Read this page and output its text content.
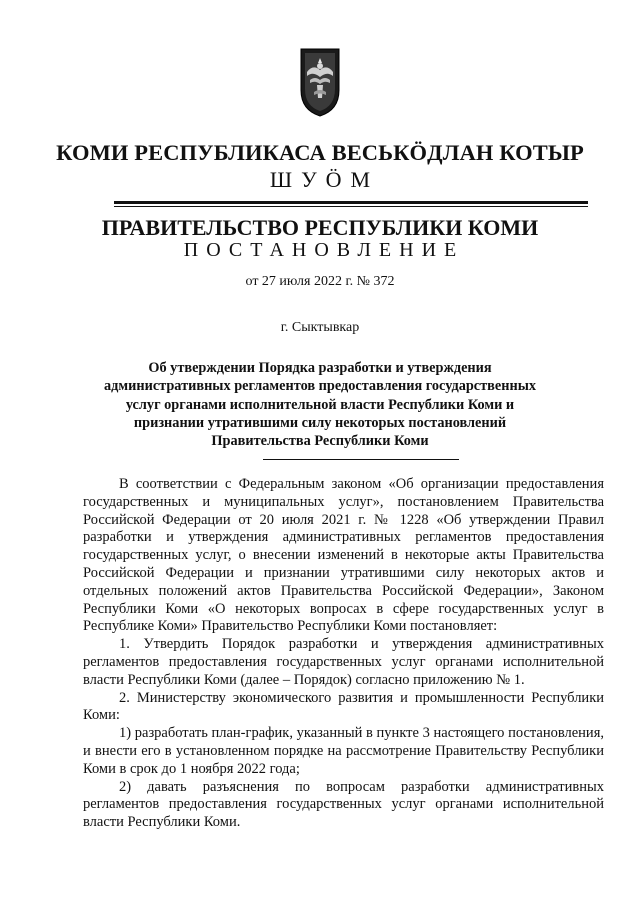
КОМИ РЕСПУБЛИКАСА ВЕСЬКӦДЛАН КОТЫР
ШУӦМ
ПРАВИТЕЛЬСТВО РЕСПУБЛИКИ КОМИ
ПОСТАНОВЛЕНИЕ
от 27 июля 2022 г. № 372
г. Сыктывкар
Об утверждении Порядка разработки и утверждения административных регламентов предоставления государственных услуг органами исполнительной власти Республики Коми и признании утратившими силу некоторых постановлений Правительства Республики Коми

В соответствии с Федеральным законом «Об организации предоставления государственных и муниципальных услуг», постановлением Правительства Российской Федерации от 20 июля 2021 г. № 1228 «Об утверждении Правил разработки и утверждения административных регламентов предоставления государственных услуг, о внесении изменений в некоторые акты Правительства Российской Федерации и признании утратившими силу некоторых актов и отдельных положений актов Правительства Российской Федерации», Законом Республики Коми «О некоторых вопросах в сфере государственных услуг в Республике Коми» Правительство Республики Коми постановляет:

1. Утвердить Порядок разработки и утверждения административных регламентов предоставления государственных услуг органами исполнительной власти Республики Коми (далее – Порядок) согласно приложению № 1.

2. Министерству экономического развития и промышленности Республики Коми:

1) разработать план-график, указанный в пункте 3 настоящего постановления, и внести его в установленном порядке на рассмотрение Правительству Республики Коми в срок до 1 ноября 2022 года;

2) давать разъяснения по вопросам разработки административных регламентов предоставления государственных услуг органами исполнительной власти Республики Коми.
